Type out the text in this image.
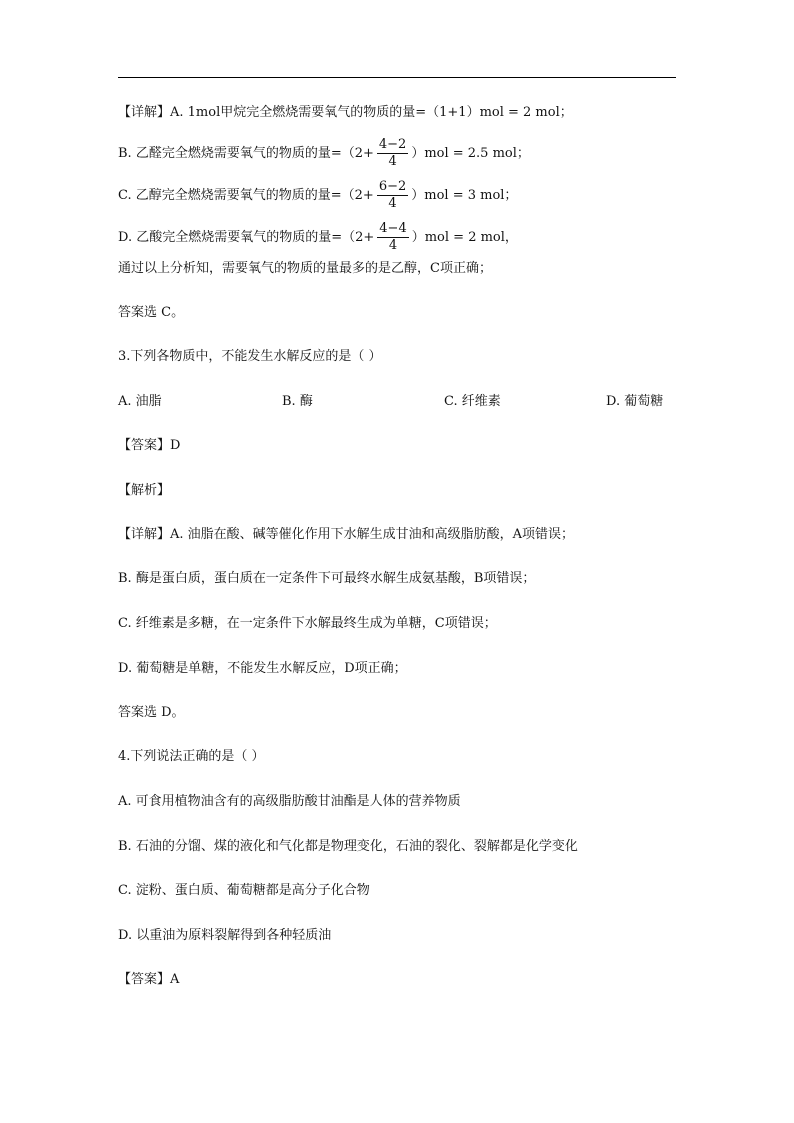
【详解】A. 1mol甲烷完全燃烧需要氧气的物质的量=（1+1）mol = 2 mol；
B. 乙醛完全燃烧需要氧气的物质的量$=(2+ \frac{4-2}{4} )mol = 2.5$ mol；
C. 乙醇完全燃烧需要氧气的物质的量$=(2+ \frac{6-2}{4} )mol = 3$ mol；
D. 乙酸完全燃烧需要氧气的物质的量$=(2+ \frac{4-4}{4} )mol = 2$ mol，
通过以上分析知，需要氧气的物质的量最多的是乙醇，C项正确；
答案选 C。
3.下列各物质中，不能发生水解反应的是（ ）
A. 油脂	B. 酶	C. 纤维素	D. 葡萄糖
【答案】D
【解析】
【详解】A. 油脂在酸、碱等催化作用下水解生成甘油和高级脂肪酸，A项错误；
B. 酶是蛋白质，蛋白质在一定条件下可最终水解生成氨基酸，B项错误；
C. 纤维素是多糖，在一定条件下水解最终生成为单糖，C项错误；
D. 葡萄糖是单糖，不能发生水解反应，D项正确；
答案选 D。
4.下列说法正确的是（ ）
A. 可食用植物油含有的高级脂肪酸甘油酯是人体的营养物质
B. 石油的分馏、煤的液化和气化都是物理变化，石油的裂化、裂解都是化学变化
C. 淀粉、蛋白质、葡萄糖都是高分子化合物
D. 以重油为原料裂解得到各种轻质油
【答案】A
